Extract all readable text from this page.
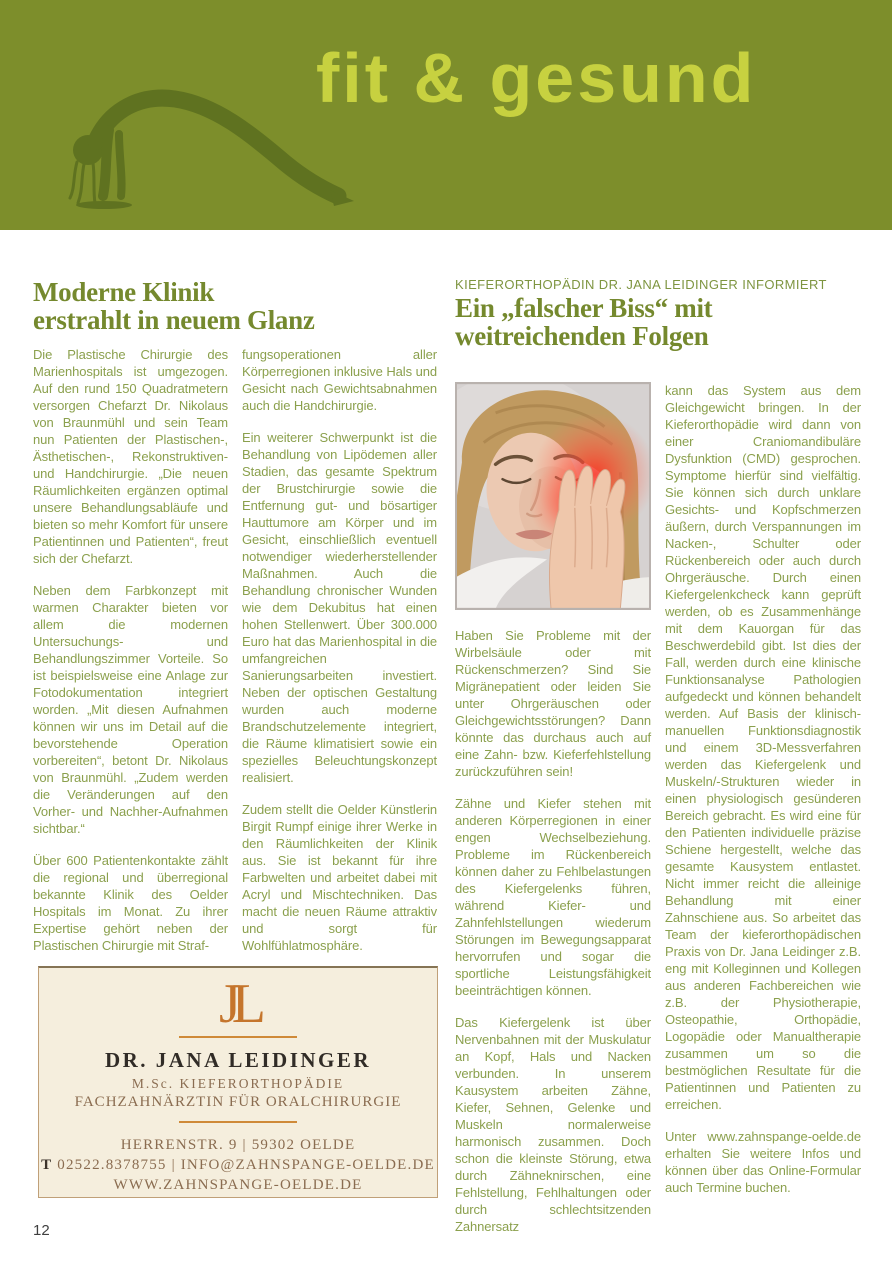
fit & gesund
Moderne Klinik
erstrahlt in neuem Glanz

Die Plastische Chirurgie des Marienhospitals ist umgezogen. Auf den rund 150 Quadratmetern versorgen Chefarzt Dr. Nikolaus von Braunmühl und sein Team nun Patienten der Plastischen-, Ästhetischen-, Rekonstruktiven- und Handchirurgie. „Die neuen Räumlichkeiten ergänzen optimal unsere Behandlungsabläufe und bieten so mehr Komfort für unsere Patientinnen und Patienten“, freut sich der Chefarzt.

Neben dem Farbkonzept mit warmen Charakter bieten vor allem die modernen Untersuchungs- und Behandlungszimmer Vorteile. So ist beispielsweise eine Anlage zur Fotodokumentation integriert worden. „Mit diesen Aufnahmen können wir uns im Detail auf die bevorstehende Operation vorbereiten“, betont Dr. Nikolaus von Braunmühl. „Zudem werden die Veränderungen auf den Vorher- und Nachher-Aufnahmen sichtbar.“

Über 600 Patientenkontakte zählt die regional und überregional bekannte Klinik des Oelder Hospitals im Monat. Zu ihrer Expertise gehört neben der Plastischen Chirurgie mit Straf-

fungsoperationen aller Körperregionen inklusive Hals und Gesicht nach Gewichtsabnahmen auch die Handchirurgie.

Ein weiterer Schwerpunkt ist die Behandlung von Lipödemen aller Stadien, das gesamte Spektrum der Brustchirurgie sowie die Entfernung gut- und bösartiger Hauttumore am Körper und im Gesicht, einschließlich eventuell notwendiger wiederherstellender Maßnahmen. Auch die Behandlung chronischer Wunden wie dem Dekubitus hat einen hohen Stellenwert. Über 300.000 Euro hat das Marienhospital in die umfangreichen Sanierungsarbeiten investiert. Neben der optischen Gestaltung wurden auch moderne Brandschutzelemente integriert, die Räume klimatisiert sowie ein spezielles Beleuchtungskonzept realisiert.

Zudem stellt die Oelder Künstlerin Birgit Rumpf einige ihrer Werke in den Räumlichkeiten der Klinik aus. Sie ist bekannt für ihre Farbwelten und arbeitet dabei mit Acryl und Mischtechniken. Das macht die neuen Räume attraktiv und sorgt für Wohlfühlatmosphäre.

KIEFERORTHOPÄDIN DR. JANA LEIDINGER INFORMIERT
Ein „falscher Biss“ mit
weitreichenden Folgen

Haben Sie Probleme mit der Wirbelsäule oder mit Rückenschmerzen? Sind Sie Migränepatient oder leiden Sie unter Ohrgeräuschen oder Gleichgewichtsstörungen? Dann könnte das durchaus auch auf eine Zahn- bzw. Kieferfehlstellung zurückzuführen sein!

Zähne und Kiefer stehen mit anderen Körperregionen in einer engen Wechselbeziehung. Probleme im Rückenbereich können daher zu Fehlbelastungen des Kiefergelenks führen, während Kiefer- und Zahnfehlstellungen wiederum Störungen im Bewegungsapparat hervorrufen und sogar die sportliche Leistungsfähigkeit beeinträchtigen können.

Das Kiefergelenk ist über Nervenbahnen mit der Muskulatur an Kopf, Hals und Nacken verbunden. In unserem Kausystem arbeiten Zähne, Kiefer, Sehnen, Gelenke und Muskeln normalerweise harmonisch zusammen. Doch schon die kleinste Störung, etwa durch Zähneknirschen, eine Fehlstellung, Fehlhaltungen oder durch schlechtsitzenden Zahnersatz

kann das System aus dem Gleichgewicht bringen. In der Kieferorthopädie wird dann von einer Craniomandibuläre Dysfunktion (CMD) gesprochen. Symptome hierfür sind vielfältig. Sie können sich durch unklare Gesichts- und Kopfschmerzen äußern, durch Verspannungen im Nacken-, Schulter oder Rückenbereich oder auch durch Ohrgeräusche. Durch einen Kiefergelenkcheck kann geprüft werden, ob es Zusammenhänge mit dem Kauorgan für das Beschwerdebild gibt. Ist dies der Fall, werden durch eine klinische Funktionsanalyse Pathologien aufgedeckt und können behandelt werden. Auf Basis der klinisch-manuellen Funktionsdiagnostik und einem 3D-Messverfahren werden das Kiefergelenk und Muskeln/-Strukturen wieder in einen physiologisch gesünderen Bereich gebracht. Es wird eine für den Patienten individuelle präzise Schiene hergestellt, welche das gesamte Kausystem entlastet. Nicht immer reicht die alleinige Behandlung mit einer Zahnschiene aus. So arbeitet das Team der kieferorthopädischen Praxis von Dr. Jana Leidinger z.B. eng mit Kolleginnen und Kollegen aus anderen Fachbereichen wie z.B. der Physiotherapie, Osteopathie, Orthopädie, Logopädie oder Manualtherapie zusammen um so die bestmöglichen Resultate für die Patientinnen und Patienten zu erreichen.

Unter www.zahnspange-oelde.de erhalten Sie weitere Infos und können über das Online-Formular auch Termine buchen.

JL
DR. JANA LEIDINGER
M.Sc. KIEFERORTHOPÄDIE
FACHZAHNÄRZTIN FÜR ORALCHIRURGIE
HERRENSTR. 9 | 59302 OELDE
T 02522.8378755 | INFO@ZAHNSPANGE-OELDE.DE
WWW.ZAHNSPANGE-OELDE.DE
12
